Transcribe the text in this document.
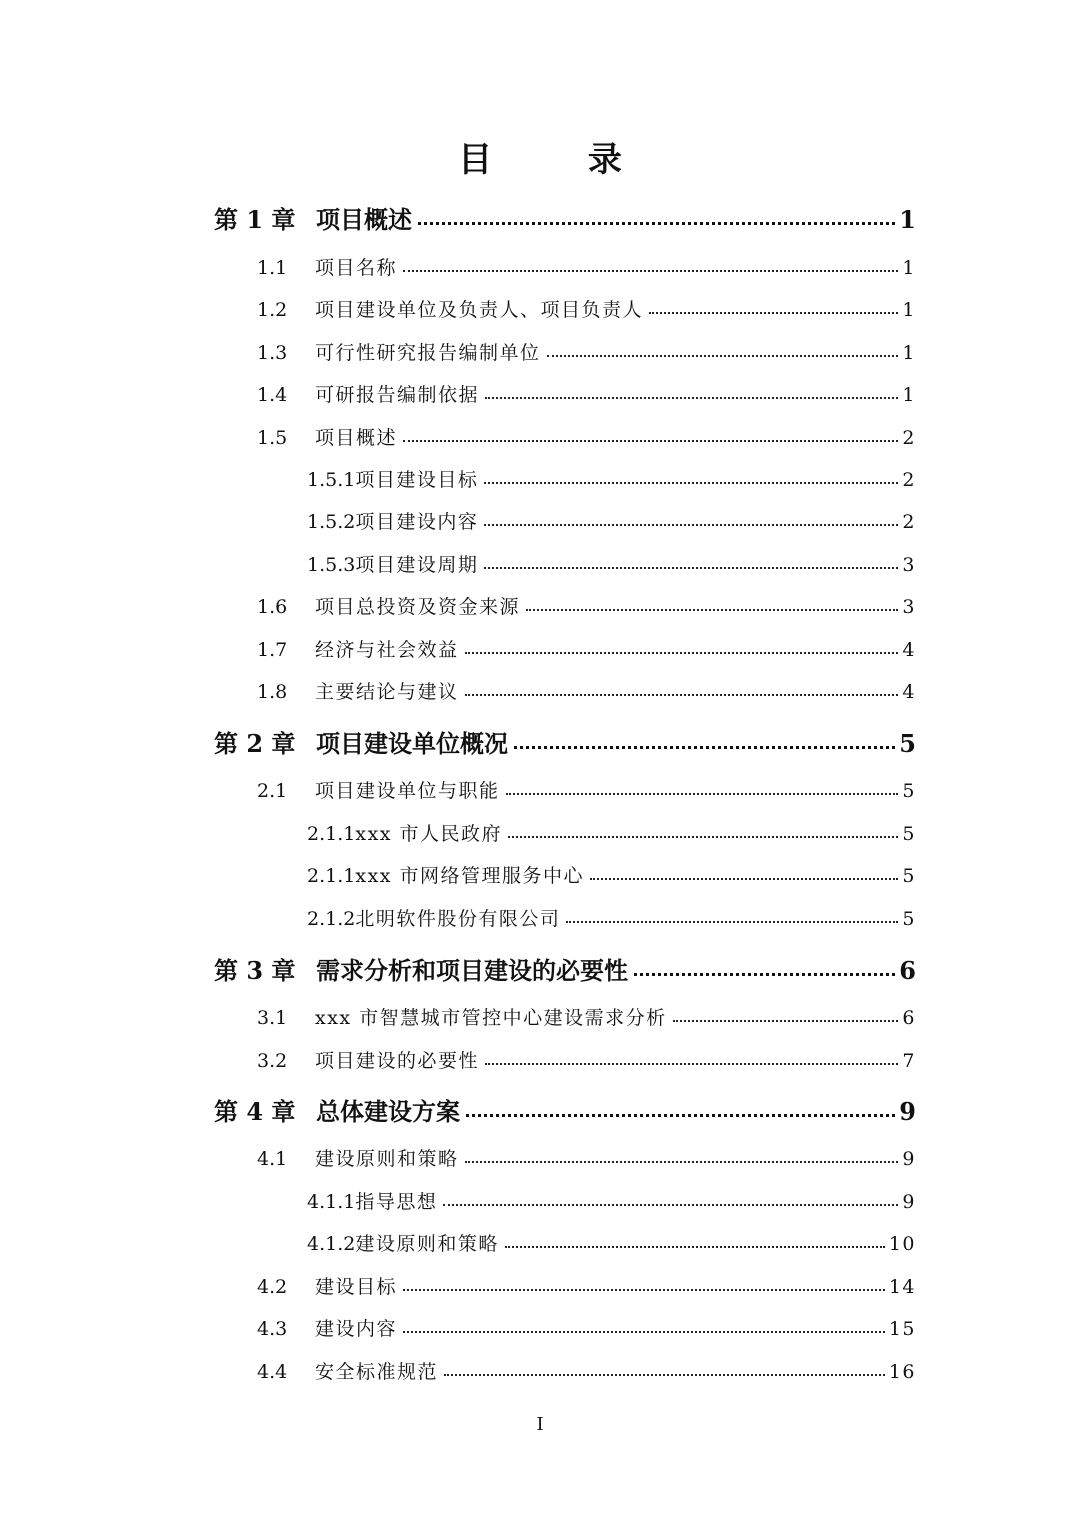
目 录
第 1 章 项目概述	1
1.1	项目名称	1
1.2	项目建设单位及负责人、项目负责人	1
1.3	可行性研究报告编制单位	1
1.4	可研报告编制依据	1
1.5	项目概述	2
1.5.1 项目建设目标	2
1.5.2 项目建设内容	2
1.5.3 项目建设周期	3
1.6	项目总投资及资金来源	3
1.7	经济与社会效益	4
1.8	主要结论与建议	4
第 2 章 项目建设单位概况	5
2.1	项目建设单位与职能	5
2.1.1 xxx 市人民政府	5
2.1.1 xxx 市网络管理服务中心	5
2.1.2 北明软件股份有限公司	5
第 3 章 需求分析和项目建设的必要性	6
3.1	xxx 市智慧城市管控中心建设需求分析	6
3.2	项目建设的必要性	7
第 4 章 总体建设方案	9
4.1	建设原则和策略	9
4.1.1 指导思想	9
4.1.2 建设原则和策略	10
4.2	建设目标	14
4.3	建设内容	15
4.4	安全标准规范	16
I
